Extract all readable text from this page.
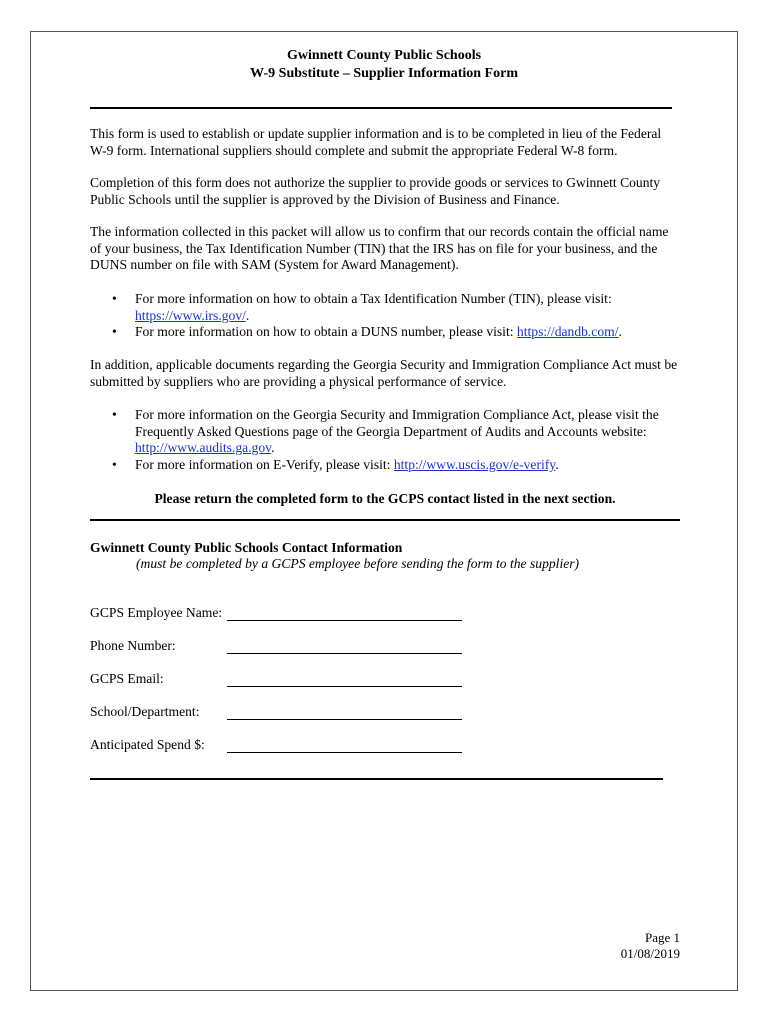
Gwinnett County Public Schools
W-9 Substitute – Supplier Information Form

This form is used to establish or update supplier information and is to be completed in lieu of the Federal W-9 form. International suppliers should complete and submit the appropriate Federal W-8 form.

Completion of this form does not authorize the supplier to provide goods or services to Gwinnett County Public Schools until the supplier is approved by the Division of Business and Finance.

The information collected in this packet will allow us to confirm that our records contain the official name of your business, the Tax Identification Number (TIN) that the IRS has on file for your business, and the DUNS number on file with SAM (System for Award Management).

• For more information on how to obtain a Tax Identification Number (TIN), please visit: https://www.irs.gov/.
• For more information on how to obtain a DUNS number, please visit: https://dandb.com/.

In addition, applicable documents regarding the Georgia Security and Immigration Compliance Act must be submitted by suppliers who are providing a physical performance of service.

• For more information on the Georgia Security and Immigration Compliance Act, please visit the Frequently Asked Questions page of the Georgia Department of Audits and Accounts website: http://www.audits.ga.gov.
• For more information on E-Verify, please visit: http://www.uscis.gov/e-verify.
Please return the completed form to the GCPS contact listed in the next section.
Gwinnett County Public Schools Contact Information
(must be completed by a GCPS employee before sending the form to the supplier)
GCPS Employee Name:
Phone Number:
GCPS Email:
School/Department:
Anticipated Spend $:
Page 1
01/08/2019
